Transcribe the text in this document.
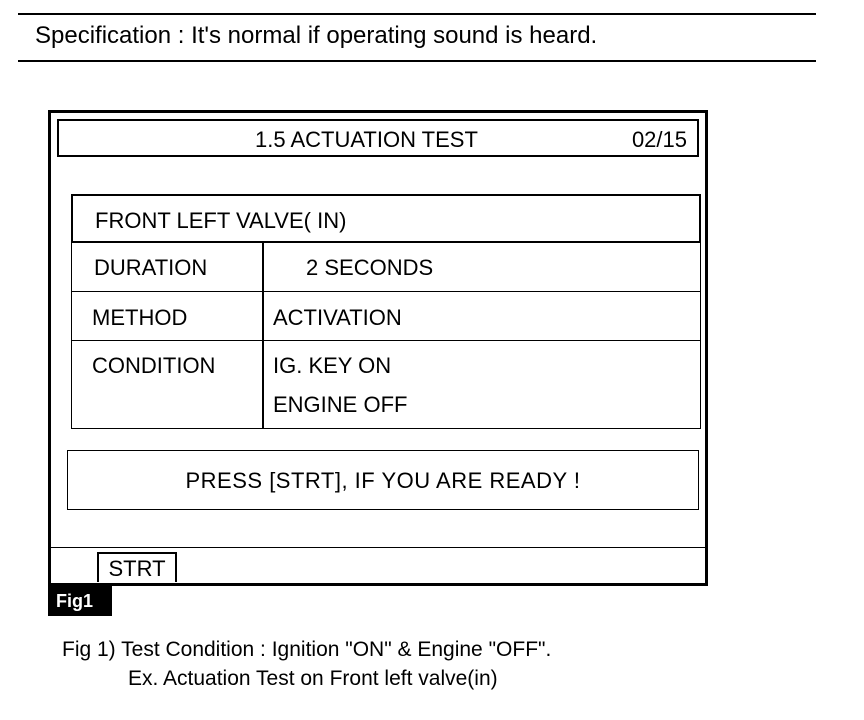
Specification : It's normal if operating sound is heard.
1.5 ACTUATION TEST	02/15
FRONT LEFT VALVE( IN)
DURATION	2 SECONDS
METHOD	ACTIVATION
CONDITION	IG. KEY ON
ENGINE OFF
PRESS [STRT], IF YOU ARE READY !
STRT
Fig1
Fig 1) Test Condition : Ignition "ON" & Engine "OFF".
Ex. Actuation Test on Front left valve(in)
